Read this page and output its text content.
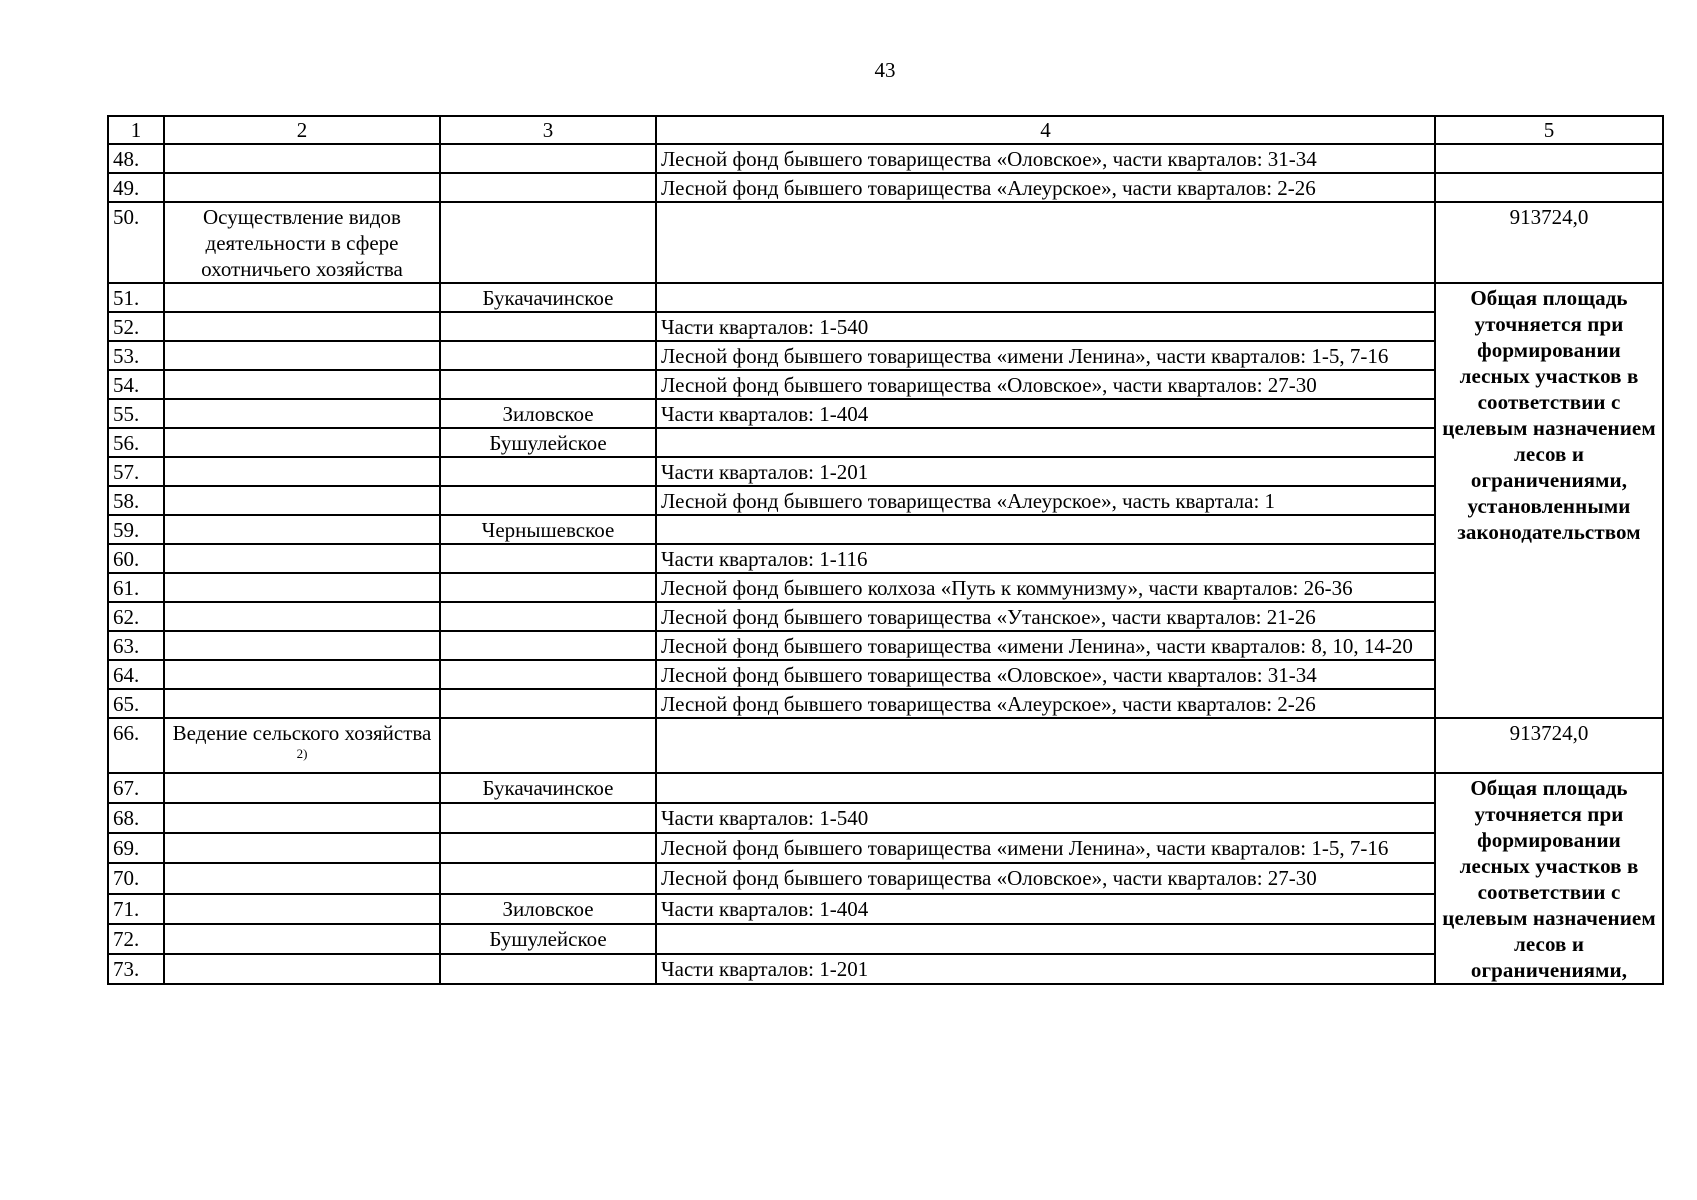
43
1	2	3	4	5
48.			Лесной фонд бывшего товарищества «Оловское», части кварталов: 31-34	
49.			Лесной фонд бывшего товарищества «Алеурское», части кварталов: 2-26	
50.	Осуществление видов деятельности в сфере охотничьего хозяйства			913724,0
51.		Букачачинское		Общая площадь уточняется при формировании лесных участков в соответствии с целевым назначением лесов и ограничениями, установленными законодательством
52.			Части кварталов: 1-540	
53.			Лесной фонд бывшего товарищества «имени Ленина», части кварталов: 1-5, 7-16	
54.			Лесной фонд бывшего товарищества «Оловское», части кварталов: 27-30	
55.		Зиловское	Части кварталов: 1-404	
56.		Бушулейское		
57.			Части кварталов: 1-201	
58.			Лесной фонд бывшего товарищества «Алеурское», часть квартала: 1	
59.		Чернышевское		
60.			Части кварталов: 1-116	
61.			Лесной фонд бывшего колхоза «Путь к коммунизму», части кварталов: 26-36	
62.			Лесной фонд бывшего товарищества «Утанское», части кварталов: 21-26	
63.			Лесной фонд бывшего товарищества «имени Ленина», части кварталов: 8, 10, 14-20	
64.			Лесной фонд бывшего товарищества «Оловское», части кварталов: 31-34	
65.			Лесной фонд бывшего товарищества «Алеурское», части кварталов: 2-26	
66.	Ведение сельского хозяйства $^{2)}$			913724,0
67.		Букачачинское		Общая площадь уточняется при формировании лесных участков в соответствии с целевым назначением лесов и ограничениями,
68.			Части кварталов: 1-540	
69.			Лесной фонд бывшего товарищества «имени Ленина», части кварталов: 1-5, 7-16	
70.			Лесной фонд бывшего товарищества «Оловское», части кварталов: 27-30	
71.		Зиловское	Части кварталов: 1-404	
72.		Бушулейское		
73.			Части кварталов: 1-201	
